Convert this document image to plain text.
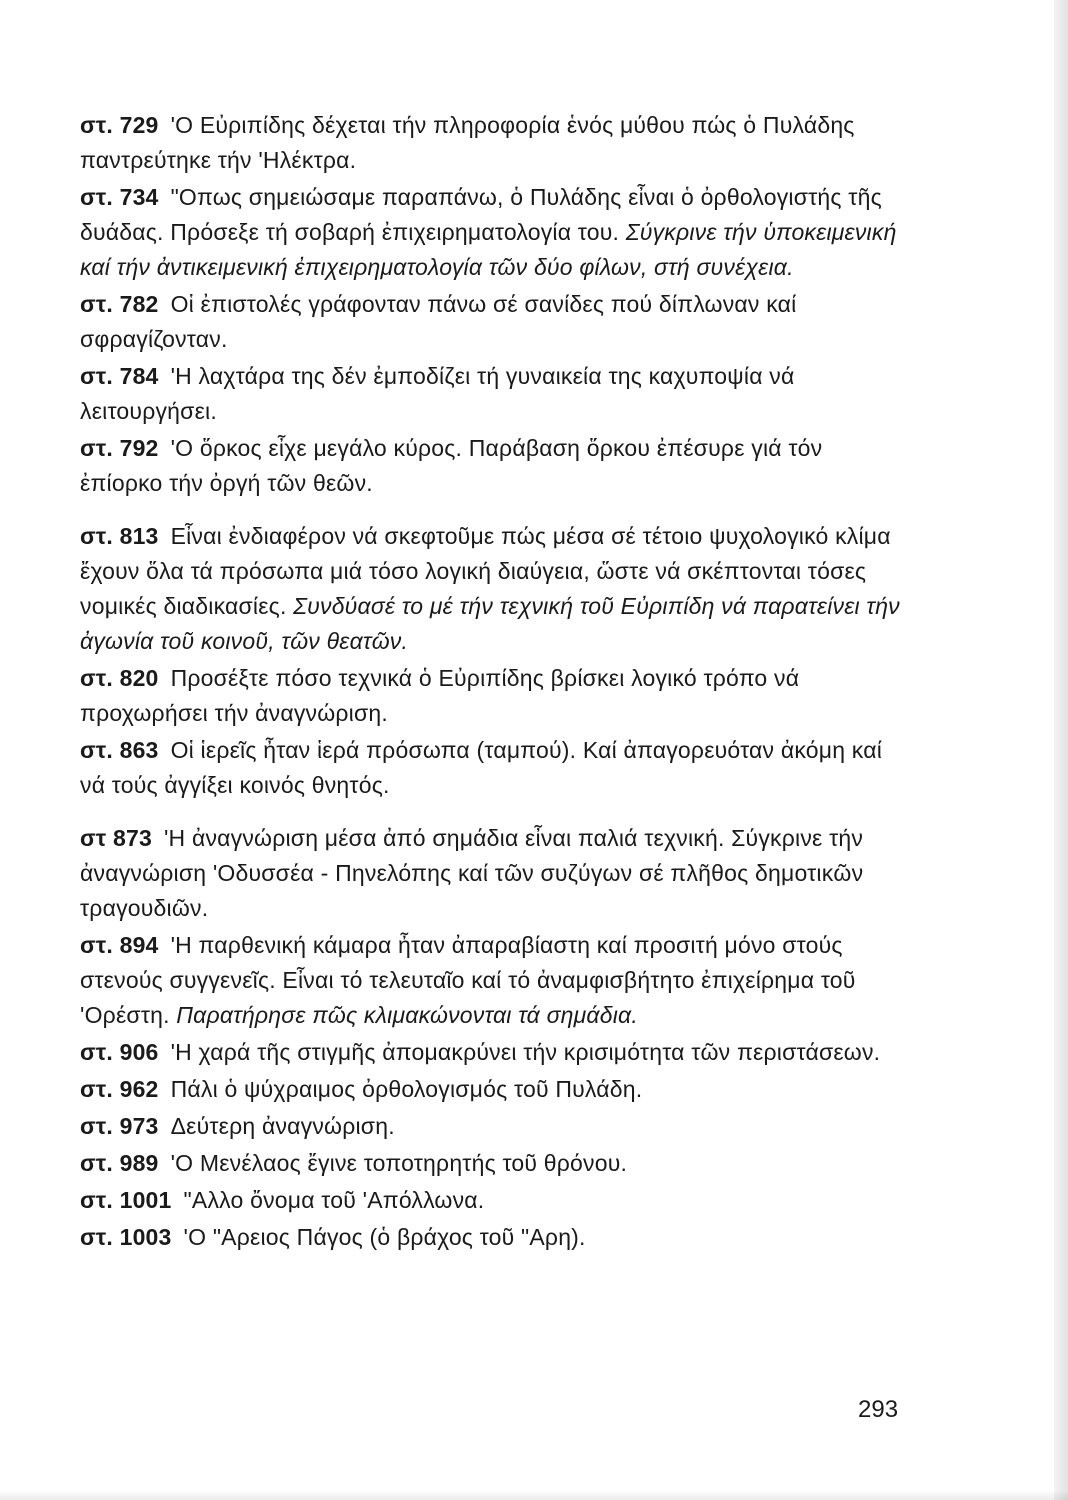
στ. 729 'Ο Εὐριπίδης δέχεται τήν πληροφορία ἑνός μύθου πώς ὁ Πυλάδης παντρεύτηκε τήν 'Ηλέκτρα.

στ. 734 "Οπως σημειώσαμε παραπάνω, ὁ Πυλάδης εἶναι ὁ ὀρθολογιστής τῆς δυάδας. Πρόσεξε τή σοβαρή ἐπιχειρηματολογία του. Σύγκρινε τήν ὑποκειμενική καί τήν ἀντικειμενική ἐπιχειρηματολογία τῶν δύο φίλων, στή συνέχεια.

στ. 782 Οἱ ἐπιστολές γράφονταν πάνω σέ σανίδες πού δίπλωναν καί σφραγίζονταν.

στ. 784 'Η λαχτάρα της δέν ἐμποδίζει τή γυναικεία της καχυποψία νά λειτουργήσει.

στ. 792 'Ο ὅρκος εἶχε μεγάλο κύρος. Παράβαση ὅρκου ἐπέσυρε γιά τόν ἐπίορκο τήν ὀργή τῶν θεῶν.

στ. 813 Εἶναι ἐνδιαφέρον νά σκεφτοῦμε πώς μέσα σέ τέτοιο ψυχολογικό κλίμα ἔχουν ὅλα τά πρόσωπα μιά τόσο λογική διαύγεια, ὥστε νά σκέπτονται τόσες νομικές διαδικασίες. Συνδύασέ το μέ τήν τεχνική τοῦ Εὐριπίδη νά παρατείνει τήν ἀγωνία τοῦ κοινοῦ, τῶν θεατῶν.

στ. 820 Προσέξτε πόσο τεχνικά ὁ Εὐριπίδης βρίσκει λογικό τρόπο νά προχωρήσει τήν ἀναγνώριση.

στ. 863 Οἱ ἱερεῖς ἦταν ἱερά πρόσωπα (ταμπού). Καί ἀπαγορευόταν ἀκόμη καί νά τούς ἀγγίξει κοινός θνητός.

στ 873 'Η ἀναγνώριση μέσα ἀπό σημάδια εἶναι παλιά τεχνική. Σύγκρινε τήν ἀναγνώριση 'Οδυσσέα - Πηνελόπης καί τῶν συζύγων σέ πλῆθος δημοτικῶν τραγουδιῶν.

στ. 894 'Η παρθενική κάμαρα ἦταν ἀπαραβίαστη καί προσιτή μόνο στούς στενούς συγγενεῖς. Εἶναι τό τελευταῖο καί τό ἀναμφισβήτητο ἐπιχείρημα τοῦ 'Ορέστη. Παρατήρησε πῶς κλιμακώνονται τά σημάδια.

στ. 906 'Η χαρά τῆς στιγμῆς ἀπομακρύνει τήν κρισιμότητα τῶν περιστάσεων.

στ. 962 Πάλι ὁ ψύχραιμος ὀρθολογισμός τοῦ Πυλάδη.

στ. 973 Δεύτερη ἀναγνώριση.

στ. 989 'Ο Μενέλαος ἔγινε τοποτηρητής τοῦ θρόνου.

στ. 1001 "Αλλο ὄνομα τοῦ 'Απόλλωνα.

στ. 1003 'Ο "Αρειος Πάγος (ὁ βράχος τοῦ "Αρη).

293
